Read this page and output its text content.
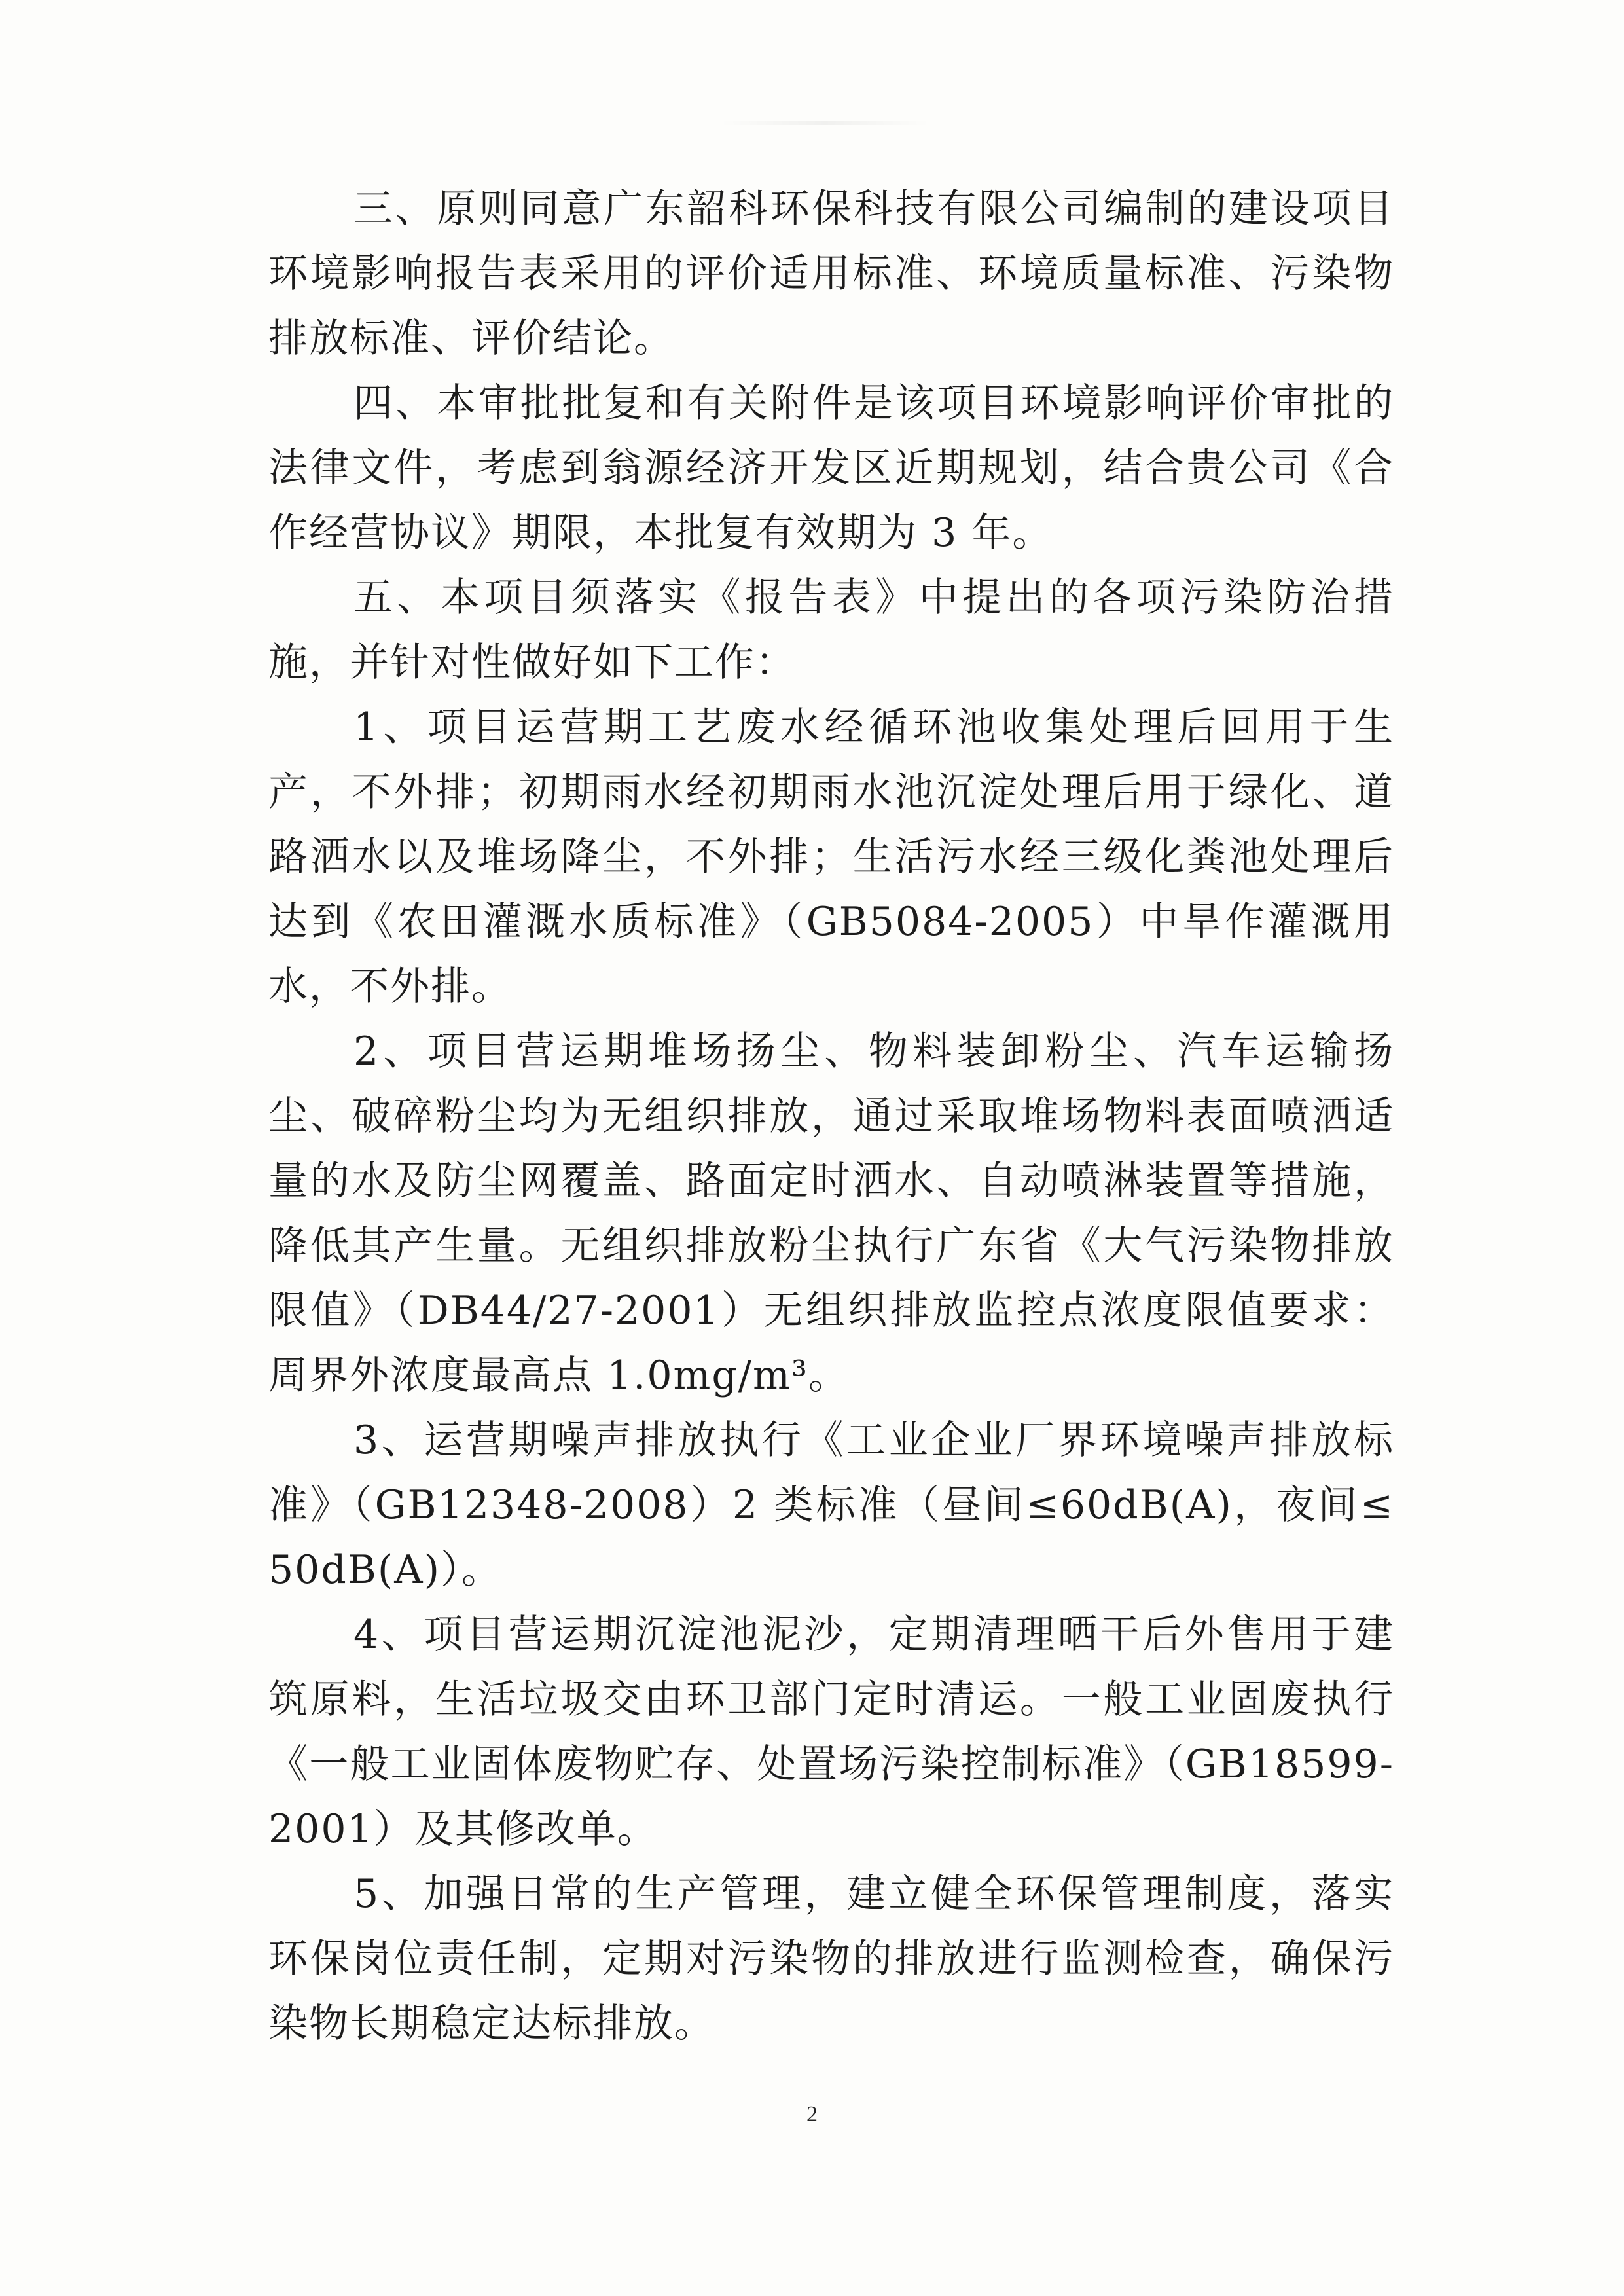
三、原则同意广东韶科环保科技有限公司编制的建设项目环境影响报告表采用的评价适用标准、环境质量标准、污染物排放标准、评价结论。

四、本审批批复和有关附件是该项目环境影响评价审批的法律文件，考虑到翁源经济开发区近期规划，结合贵公司《合作经营协议》期限，本批复有效期为 3 年。

五、本项目须落实《报告表》中提出的各项污染防治措施，并针对性做好如下工作：

1、项目运营期工艺废水经循环池收集处理后回用于生产，不外排；初期雨水经初期雨水池沉淀处理后用于绿化、道路洒水以及堆场降尘，不外排；生活污水经三级化粪池处理后达到《农田灌溉水质标准》（GB5084-2005）中旱作灌溉用水，不外排。

2、项目营运期堆场扬尘、物料装卸粉尘、汽车运输扬尘、破碎粉尘均为无组织排放，通过采取堆场物料表面喷洒适量的水及防尘网覆盖、路面定时洒水、自动喷淋装置等措施，降低其产生量。无组织排放粉尘执行广东省《大气污染物排放限值》（DB44/27-2001）无组织排放监控点浓度限值要求：周界外浓度最高点 1.0mg/m³。

3、运营期噪声排放执行《工业企业厂界环境噪声排放标准》（GB12348-2008）2 类标准（昼间≤60dB(A)，夜间≤50dB(A)）。

4、项目营运期沉淀池泥沙，定期清理晒干后外售用于建筑原料，生活垃圾交由环卫部门定时清运。一般工业固废执行《一般工业固体废物贮存、处置场污染控制标准》（GB18599-2001）及其修改单。

5、加强日常的生产管理，建立健全环保管理制度，落实环保岗位责任制，定期对污染物的排放进行监测检查，确保污染物长期稳定达标排放。

2
